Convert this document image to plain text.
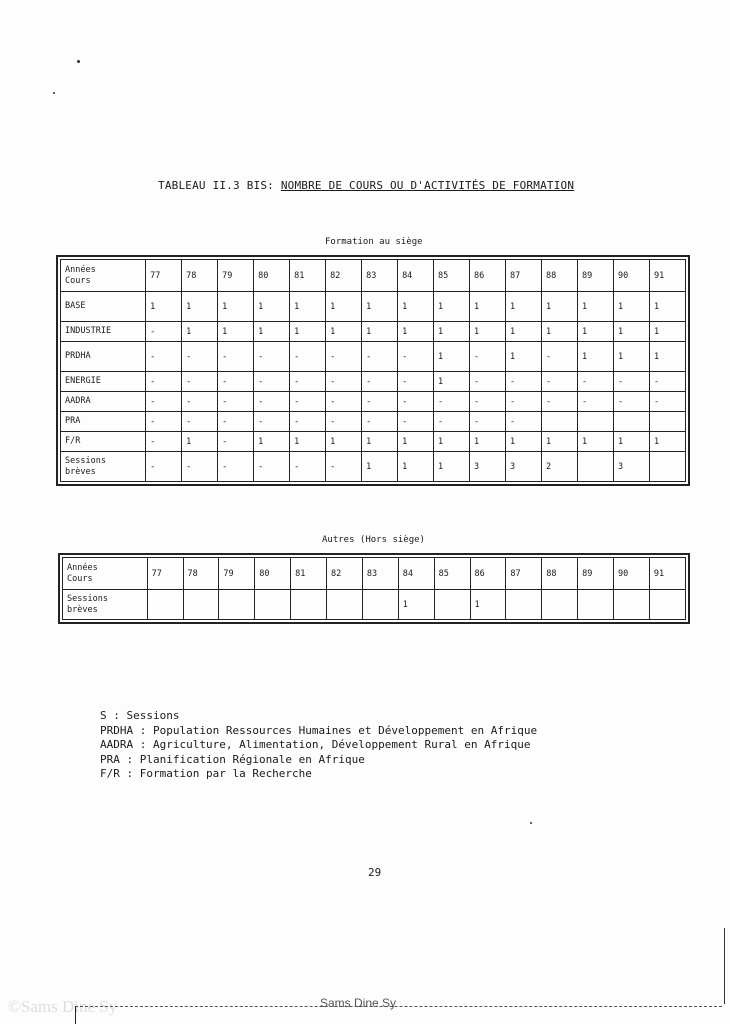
TABLEAU II.3 BIS: NOMBRE DE COURS OU D'ACTIVITÉS DE FORMATION
Formation au siège
Années
Cours	77	78	79	80	81	82	83	84	85	86	87	88	89	90	91
BASE	1	1	1	1	1	1	1	1	1	1	1	1	1	1	1
INDUSTRIE	-	1	1	1	1	1	1	1	1	1	1	1	1	1	1
PRDHA	-	-	-	-	-	-	-	-	1	-	1	-	1	1	1
ENERGIE	-	-	-	-	-	-	-	-	1	-	-	-	-	-	-
AADRA	-	-	-	-	-	-	-	-	-	-	-	-	-	-	-
PRA	-	-	-	-	-	-	-	-	-	-	-				
F/R	-	1	-	1	1	1	1	1	1	1	1	1	1	1	1
Sessions
brèves	-	-	-	-	-	-	1	1	1	3	3	2		3	
Autres (Hors siège)
Années
Cours	77	78	79	80	81	82	83	84	85	86	87	88	89	90	91
Sessions
brèves								1		1					
S : Sessions
PRDHA : Population Ressources Humaines et Développement en Afrique
AADRA : Agriculture, Alimentation, Développement Rural en Afrique
PRA : Planification Régionale en Afrique
F/R : Formation par la Recherche
29
©Sams Dine Sy	Sams Dine Sy
